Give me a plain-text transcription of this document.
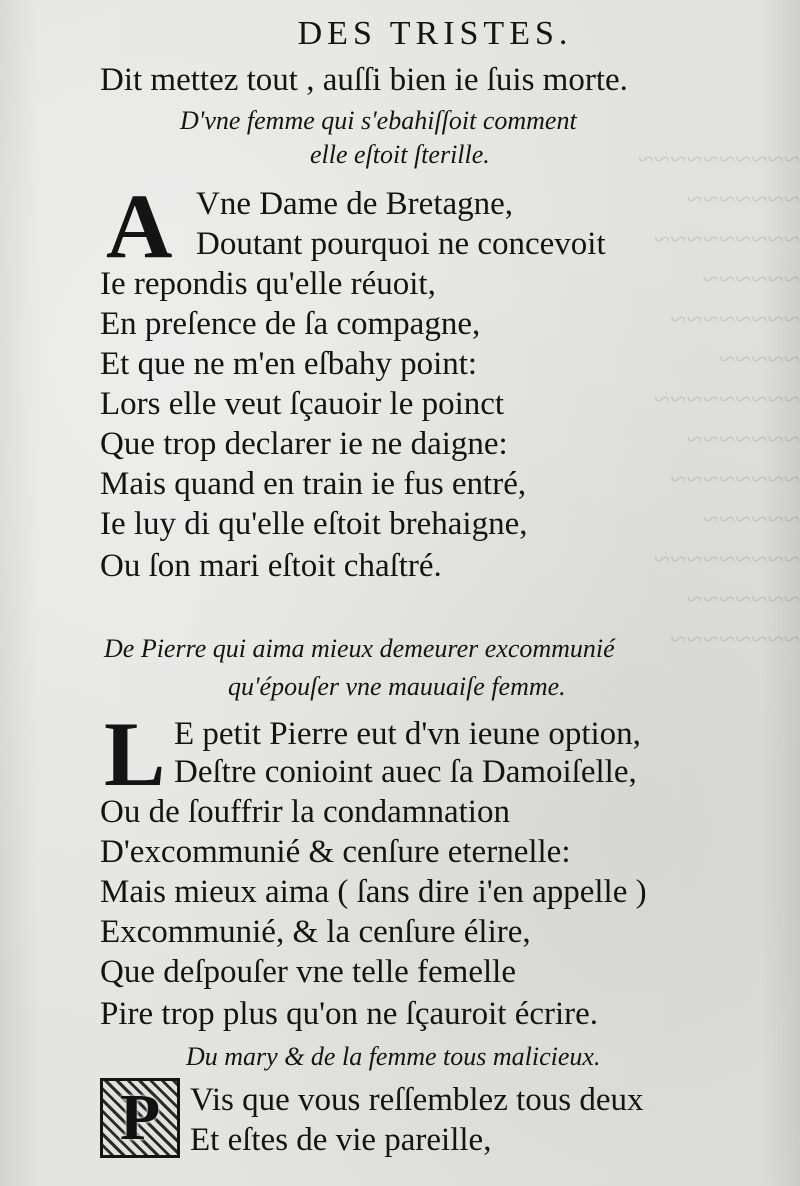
~~~~~~~~~~
~~~~~~~
~~~~~~~~~
~~~~~~
~~~~~~~~
~~~~~
~~~~~~~~~
~~~~~~~
~~~~~~~~
~~~~~~
~~~~~~~~~
~~~~~~~
~~~~~~~~
DES TRISTES.
Dit mettez tout , auſſi bien ie ſuis morte.
D'vne femme qui s'ebahiſſoit comment
elle eſtoit ſterille.
A Vne Dame de Bretagne,
Doutant pourquoi ne concevoit
Ie repondis qu'elle réuoit,
En preſence de ſa compagne,
Et que ne m'en eſbahy point:
Lors elle veut ſçauoir le poinct
Que trop declarer ie ne daigne:
Mais quand en train ie fus entré,
Ie luy di qu'elle eſtoit brehaigne,
Ou ſon mari eſtoit chaſtré.
De Pierre qui aima mieux demeurer excommunié
qu'épouſer vne mauuaiſe femme.
L E petit Pierre eut d'vn ieune option,
Deſtre conioint auec ſa Damoiſelle,
Ou de ſouffrir la condamnation
D'excommunié & cenſure eternelle:
Mais mieux aima ( ſans dire i'en appelle )
Excommunié, & la cenſure élire,
Que deſpouſer vne telle femelle
Pire trop plus qu'on ne ſçauroit écrire.
Du mary & de la femme tous malicieux.
P Vis que vous reſſemblez tous deux
Et eſtes de vie pareille,
